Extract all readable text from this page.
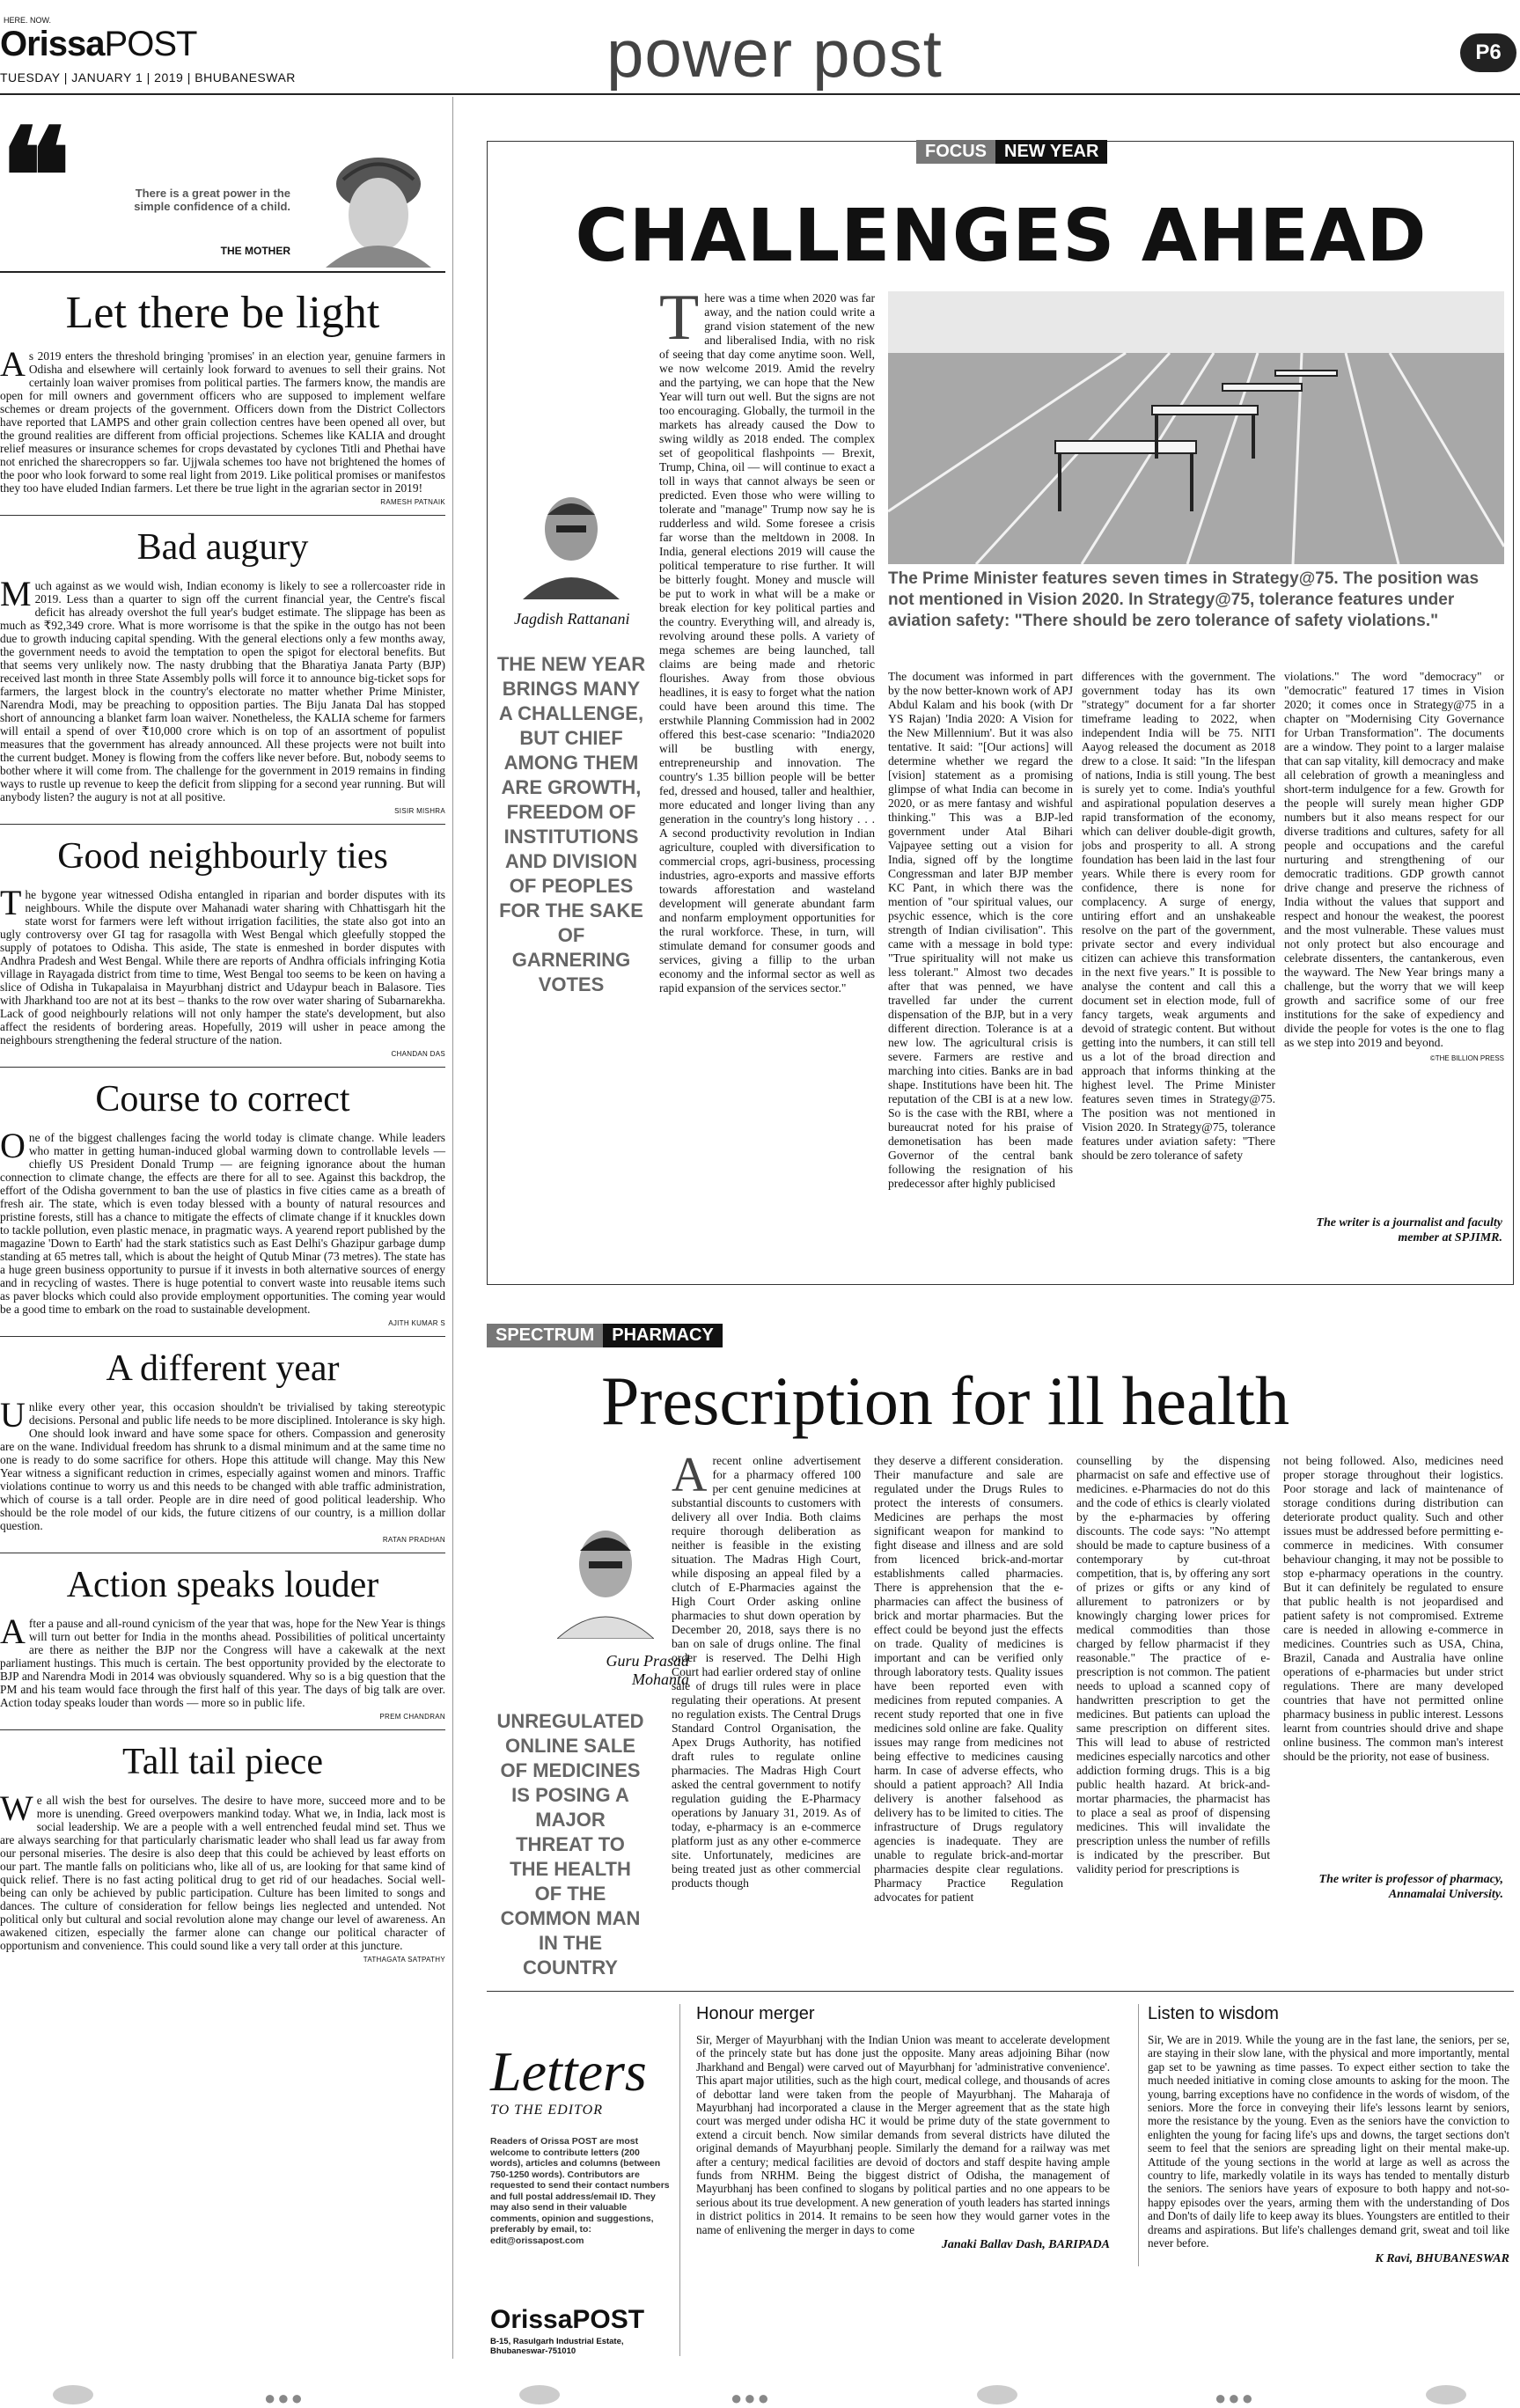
HERE. NOW.
OrissaPOST
TUESDAY | JANUARY 1 | 2019 | BHUBANESWAR	power post	P6
❝	There is a great power in the simple confidence of a child.
THE MOTHER
Let there be light

As 2019 enters the threshold bringing 'promises' in an election year, genuine farmers in Odisha and elsewhere will certainly look forward to avenues to sell their grains. Not certainly loan waiver promises from political parties. The farmers know, the mandis are open for mill owners and government officers who are supposed to implement welfare schemes or dream projects of the government. Officers down from the District Collectors have reported that LAMPS and other grain collection centres have been opened all over, but the ground realities are different from official projections. Schemes like KALIA and drought relief measures or insurance schemes for crops devastated by cyclones Titli and Phethai have not enriched the sharecroppers so far. Ujjwala schemes too have not brightened the homes of the poor who look forward to some real light from 2019. Like political promises or manifestos they too have eluded Indian farmers. Let there be true light in the agrarian sector in 2019!

RAMESH PATNAIK
Bad augury

Much against as we would wish, Indian economy is likely to see a rollercoaster ride in 2019. Less than a quarter to sign off the current financial year, the Centre's fiscal deficit has already overshot the full year's budget estimate. The slippage has been as much as ₹92,349 crore. What is more worrisome is that the spike in the outgo has not been due to growth inducing capital spending. With the general elections only a few months away, the government needs to avoid the temptation to open the spigot for electoral benefits. But that seems very unlikely now. The nasty drubbing that the Bharatiya Janata Party (BJP) received last month in three State Assembly polls will force it to announce big-ticket sops for farmers, the largest block in the country's electorate no matter whether Prime Minister, Narendra Modi, may be preaching to opposition parties. The Biju Janata Dal has stopped short of announcing a blanket farm loan waiver. Nonetheless, the KALIA scheme for farmers will entail a spend of over ₹10,000 crore which is on top of an assortment of populist measures that the government has already announced. All these projects were not built into the current budget. Money is flowing from the coffers like never before. But, nobody seems to bother where it will come from. The challenge for the government in 2019 remains in finding ways to rustle up revenue to keep the deficit from slipping for a second year running. But will anybody listen? the augury is not at all positive.

SISIR MISHRA
Good neighbourly ties

The bygone year witnessed Odisha entangled in riparian and border disputes with its neighbours. While the dispute over Mahanadi water sharing with Chhattisgarh hit the state worst for farmers were left without irrigation facilities, the state also got into an ugly controversy over GI tag for rasagolla with West Bengal which gleefully stopped the supply of potatoes to Odisha. This aside, The state is enmeshed in border disputes with Andhra Pradesh and West Bengal. While there are reports of Andhra officials infringing Kotia village in Rayagada district from time to time, West Bengal too seems to be keen on having a slice of Odisha in Tukapalaisa in Mayurbhanj district and Udaypur beach in Balasore. Ties with Jharkhand too are not at its best – thanks to the row over water sharing of Subarnarekha. Lack of good neighbourly relations will not only hamper the state's development, but also affect the residents of bordering areas. Hopefully, 2019 will usher in peace among the neighbours strengthening the federal structure of the nation.

CHANDAN DAS
Course to correct

One of the biggest challenges facing the world today is climate change. While leaders who matter in getting human-induced global warming down to controllable levels — chiefly US President Donald Trump — are feigning ignorance about the human connection to climate change, the effects are there for all to see. Against this backdrop, the effort of the Odisha government to ban the use of plastics in five cities came as a breath of fresh air. The state, which is even today blessed with a bounty of natural resources and pristine forests, still has a chance to mitigate the effects of climate change if it knuckles down to tackle pollution, even plastic menace, in pragmatic ways. A yearend report published by the magazine 'Down to Earth' had the stark statistics such as East Delhi's Ghazipur garbage dump standing at 65 metres tall, which is about the height of Qutub Minar (73 metres). The state has a huge green business opportunity to pursue if it invests in both alternative sources of energy and in recycling of wastes. There is huge potential to convert waste into reusable items such as paver blocks which could also provide employment opportunities. The coming year would be a good time to embark on the road to sustainable development.

AJITH KUMAR S
A different year

Unlike every other year, this occasion shouldn't be trivialised by taking stereotypic decisions. Personal and public life needs to be more disciplined. Intolerance is sky high. One should look inward and have some space for others. Compassion and generosity are on the wane. Individual freedom has shrunk to a dismal minimum and at the same time no one is ready to do some sacrifice for others. Hope this attitude will change. May this New Year witness a significant reduction in crimes, especially against women and minors. Traffic violations continue to worry us and this needs to be changed with able traffic administration, which of course is a tall order. People are in dire need of good political leadership. Who should be the role model of our kids, the future citizens of our country, is a million dollar question.

RATAN PRADHAN
Action speaks louder

After a pause and all-round cynicism of the year that was, hope for the New Year is things will turn out better for India in the months ahead. Possibilities of political uncertainty are there as neither the BJP nor the Congress will have a cakewalk at the next parliament hustings. This much is certain. The best opportunity provided by the electorate to BJP and Narendra Modi in 2014 was obviously squandered. Why so is a big question that the PM and his team would face through the first half of this year. The days of big talk are over. Action today speaks louder than words — more so in public life.

PREM CHANDRAN
Tall tail piece

We all wish the best for ourselves. The desire to have more, succeed more and to be more is unending. Greed overpowers mankind today. What we, in India, lack most is social leadership. We are a people with a well entrenched feudal mind set. Thus we are always searching for that particularly charismatic leader who shall lead us far away from our personal miseries. The desire is also deep that this could be achieved by least efforts on our part. The mantle falls on politicians who, like all of us, are looking for that same kind of quick relief. There is no fast acting political drug to get rid of our headaches. Social well-being can only be achieved by public participation. Culture has been limited to songs and dances. The culture of consideration for fellow beings lies neglected and untended. Not political only but cultural and social revolution alone may change our level of awareness. An awakened citizen, especially the farmer alone can change our political character of opportunism and convenience. This could sound like a very tall order at this juncture.

TATHAGATA SATPATHY
FOCUS	NEW YEAR
CHALLENGES AHEAD
Jagdish Rattanani
THE NEW YEAR BRINGS MANY A CHALLENGE, BUT CHIEF AMONG THEM ARE GROWTH, FREEDOM OF INSTITUTIONS AND DIVISION OF PEOPLES FOR THE SAKE OF GARNERING VOTES
There was a time when 2020 was far away, and the nation could write a grand vision statement of the new and liberalised India, with no risk of seeing that day come anytime soon. Well, we now welcome 2019. Amid the revelry and the partying, we can hope that the New Year will turn out well. But the signs are not too encouraging. Globally, the turmoil in the markets has already caused the Dow to swing wildly as 2018 ended. The complex set of geopolitical flashpoints — Brexit, Trump, China, oil — will continue to exact a toll in ways that cannot always be seen or predicted. Even those who were willing to tolerate and "manage" Trump now say he is rudderless and wild. Some foresee a crisis far worse than the meltdown in 2008. In India, general elections 2019 will cause the political temperature to rise further. It will be bitterly fought. Money and muscle will be put to work in what will be a make or break election for key political parties and the country. Everything will, and already is, revolving around these polls. A variety of mega schemes are being launched, tall claims are being made and rhetoric flourishes. Away from those obvious headlines, it is easy to forget what the nation could have been around this time. The erstwhile Planning Commission had in 2002 offered this best-case scenario: "India2020 will be bustling with energy, entrepreneurship and innovation. The country's 1.35 billion people will be better fed, dressed and housed, taller and healthier, more educated and longer living than any generation in the country's long history . . . A second productivity revolution in Indian agriculture, coupled with diversification to commercial crops, agri-business, processing industries, agro-exports and massive efforts towards afforestation and wasteland development will generate abundant farm and nonfarm employment opportunities for the rural workforce. These, in turn, will stimulate demand for consumer goods and services, giving a fillip to the urban economy and the informal sector as well as rapid expansion of the services sector."
The Prime Minister features seven times in Strategy@75. The position was not mentioned in Vision 2020. In Strategy@75, tolerance features under aviation safety: "There should be zero tolerance of safety violations."
The document was informed in part by the now better-known work of APJ Abdul Kalam and his book (with Dr YS Rajan) 'India 2020: A Vision for the New Millennium'. But it was also tentative. It said: "[Our actions] will determine whether we regard the [vision] statement as a promising glimpse of what India can become in 2020, or as mere fantasy and wishful thinking." This was a BJP-led government under Atal Bihari Vajpayee setting out a vision for India, signed off by the longtime Congressman and later BJP member KC Pant, in which there was the mention of "our spiritual values, our psychic essence, which is the core strength of Indian civilisation". This came with a message in bold type: "True spirituality will not make us less tolerant." Almost two decades after that was penned, we have travelled far under the current dispensation of the BJP, but in a very different direction. Tolerance is at a new low. The agricultural crisis is severe. Farmers are restive and marching into cities. Banks are in bad shape. Institutions have been hit. The reputation of the CBI is at a new low. So is the case with the RBI, where a bureaucrat noted for his praise of demonetisation has been made Governor of the central bank following the resignation of his predecessor after highly publicised
differences with the government. The government today has its own "strategy" document for a far shorter timeframe leading to 2022, when independent India will be 75. NITI Aayog released the document as 2018 drew to a close. It said: "In the lifespan of nations, India is still young. The best is surely yet to come. India's youthful and aspirational population deserves a rapid transformation of the economy, which can deliver double-digit growth, jobs and prosperity to all. A strong foundation has been laid in the last four years. While there is every room for confidence, there is none for complacency. A surge of energy, untiring effort and an unshakeable resolve on the part of the government, private sector and every individual citizen can achieve this transformation in the next five years." It is possible to analyse the content and call this a document set in election mode, full of fancy targets, weak arguments and devoid of strategic content. But without getting into the numbers, it can still tell us a lot of the broad direction and approach that informs thinking at the highest level. The Prime Minister features seven times in Strategy@75. The position was not mentioned in Vision 2020. In Strategy@75, tolerance features under aviation safety: "There should be zero tolerance of safety
violations." The word "democracy" or "democratic" featured 17 times in Vision 2020; it comes once in Strategy@75 in a chapter on "Modernising City Governance for Urban Transformation". The documents are a window. They point to a larger malaise that can sap vitality, kill democracy and make all celebration of growth a meaningless and short-term indulgence for a few. Growth for the people will surely mean higher GDP numbers but it also means respect for our diverse traditions and cultures, safety for all people and occupations and the careful nurturing and strengthening of our democratic traditions. GDP growth cannot drive change and preserve the richness of India without the values that support and respect and honour the weakest, the poorest and the most vulnerable. These values must not only protect but also encourage and celebrate dissenters, the cantankerous, even the wayward. The New Year brings many a challenge, but the worry that we will keep growth and sacrifice some of our free institutions for the sake of expediency and divide the people for votes is the one to flag as we step into 2019 and beyond.
©THE BILLION PRESS
The writer is a journalist and faculty member at SPJIMR.
SPECTRUM	PHARMACY
Prescription for ill health
Guru Prasad
Mohanta
UNREGULATED ONLINE SALE OF MEDICINES IS POSING A MAJOR THREAT TO THE HEALTH OF THE COMMON MAN IN THE COUNTRY
Arecent online advertisement for a pharmacy offered 100 per cent genuine medicines at substantial discounts to customers with delivery all over India. Both claims require thorough deliberation as neither is feasible in the existing situation. The Madras High Court, while disposing an appeal filed by a clutch of E-Pharmacies against the High Court Order asking online pharmacies to shut down operation by December 20, 2018, says there is no ban on sale of drugs online. The final order is reserved. The Delhi High Court had earlier ordered stay of online sale of drugs till rules were in place regulating their operations. At present no regulation exists. The Central Drugs Standard Control Organisation, the Apex Drugs Authority, has notified draft rules to regulate online pharmacies. The Madras High Court asked the central government to notify regulation guiding the E-Pharmacy operations by January 31, 2019. As of today, e-pharmacy is an e-commerce platform just as any other e-commerce site. Unfortunately, medicines are being treated just as other commercial products though
they deserve a different consideration. Their manufacture and sale are regulated under the Drugs Rules to protect the interests of consumers. Medicines are perhaps the most significant weapon for mankind to fight disease and illness and are sold from licenced brick-and-mortar establishments called pharmacies. There is apprehension that the e-pharmacies can affect the business of brick and mortar pharmacies. But the effect could be beyond just the effects on trade. Quality of medicines is important and can be verified only through laboratory tests. Quality issues have been reported even with medicines from reputed companies. A recent study reported that one in five medicines sold online are fake. Quality issues may range from medicines not being effective to medicines causing harm. In case of adverse effects, who should a patient approach? All India delivery is another falsehood as delivery has to be limited to cities. The infrastructure of Drugs regulatory agencies is inadequate. They are unable to regulate brick-and-mortar pharmacies despite clear regulations. Pharmacy Practice Regulation advocates for patient
counselling by the dispensing pharmacist on safe and effective use of medicines. e-Pharmacies do not do this and the code of ethics is clearly violated by the e-pharmacies by offering discounts. The code says: "No attempt should be made to capture business of a contemporary by cut-throat competition, that is, by offering any sort of prizes or gifts or any kind of allurement to patronizers or by knowingly charging lower prices for medical commodities than those charged by fellow pharmacist if they reasonable." The practice of e-prescription is not common. The patient needs to upload a scanned copy of handwritten prescription to get the medicines. But patients can upload the same prescription on different sites. This will lead to abuse of restricted medicines especially narcotics and other addiction forming drugs. This is a big public health hazard. At brick-and-mortar pharmacies, the pharmacist has to place a seal as proof of dispensing medicines. This will invalidate the prescription unless the number of refills is indicated by the prescriber. But validity period for prescriptions is
not being followed. Also, medicines need proper storage throughout their logistics. Poor storage and lack of maintenance of storage conditions during distribution can deteriorate product quality. Such and other issues must be addressed before permitting e-commerce in medicines. With consumer behaviour changing, it may not be possible to stop e-pharmacy operations in the country. But it can definitely be regulated to ensure that public health is not jeopardised and patient safety is not compromised. Extreme care is needed in allowing e-commerce in medicines. Countries such as USA, China, Brazil, Canada and Australia have online operations of e-pharmacies but under strict regulations. There are many developed countries that have not permitted online pharmacy business in public interest. Lessons learnt from countries should drive and shape online business. The common man's interest should be the priority, not ease of business.
The writer is professor of pharmacy, Annamalai University.
Letters
TO THE EDITOR
Readers of Orissa POST are most welcome to contribute letters (200 words), articles and columns (between 750-1250 words). Contributors are requested to send their contact numbers and full postal address/email ID. They may also send in their valuable comments, opinion and suggestions, preferably by email, to: edit@orissapost.com
OrissaPOST
B-15, Rasulgarh Industrial Estate, Bhubaneswar-751010
Honour merger

Sir, Merger of Mayurbhanj with the Indian Union was meant to accelerate development of the princely state but has done just the opposite. Many areas adjoining Bihar (now Jharkhand and Bengal) were carved out of Mayurbhanj for 'administrative convenience'. This apart major utilities, such as the high court, medical college, and thousands of acres of debottar land were taken from the people of Mayurbhanj. The Maharaja of Mayurbhanj had incorporated a clause in the Merger agreement that as the state high court was merged under odisha HC it would be prime duty of the state government to extend a circuit bench. Now similar demands from several districts have diluted the original demands of Mayurbhanj people. Similarly the demand for a railway was met after a century; medical facilities are devoid of doctors and staff despite having ample funds from NRHM. Being the biggest district of Odisha, the management of Mayurbhanj has been confined to slogans by political parties and no one appears to be serious about its true development. A new generation of youth leaders has started innings in district politics in 2014. It remains to be seen how they would garner votes in the name of enlivening the merger in days to come

Janaki Ballav Dash, BARIPADA
Listen to wisdom

Sir, We are in 2019. While the young are in the fast lane, the seniors, per se, are staying in their slow lane, with the physical and more importantly, mental gap set to be yawning as time passes. To expect either section to take the much needed initiative in coming close amounts to asking for the moon. The young, barring exceptions have no confidence in the words of wisdom, of the seniors. More the force in conveying their life's lessons learnt by seniors, more the resistance by the young. Even as the seniors have the conviction to enlighten the young for facing life's ups and downs, the target sections don't seem to feel that the seniors are spreading light on their mental make-up. Attitude of the young sections in the world at large as well as across the country to life, markedly volatile in its ways has tended to mentally disturb the seniors. The seniors have years of exposure to both happy and not-so-happy episodes over the years, arming them with the understanding of Dos and Don'ts of daily life to keep away its blues. Youngsters are entitled to their dreams and aspirations. But life's challenges demand grit, sweat and toil like never before.

K Ravi, BHUBANESWAR
●●●	●●●	●●●
